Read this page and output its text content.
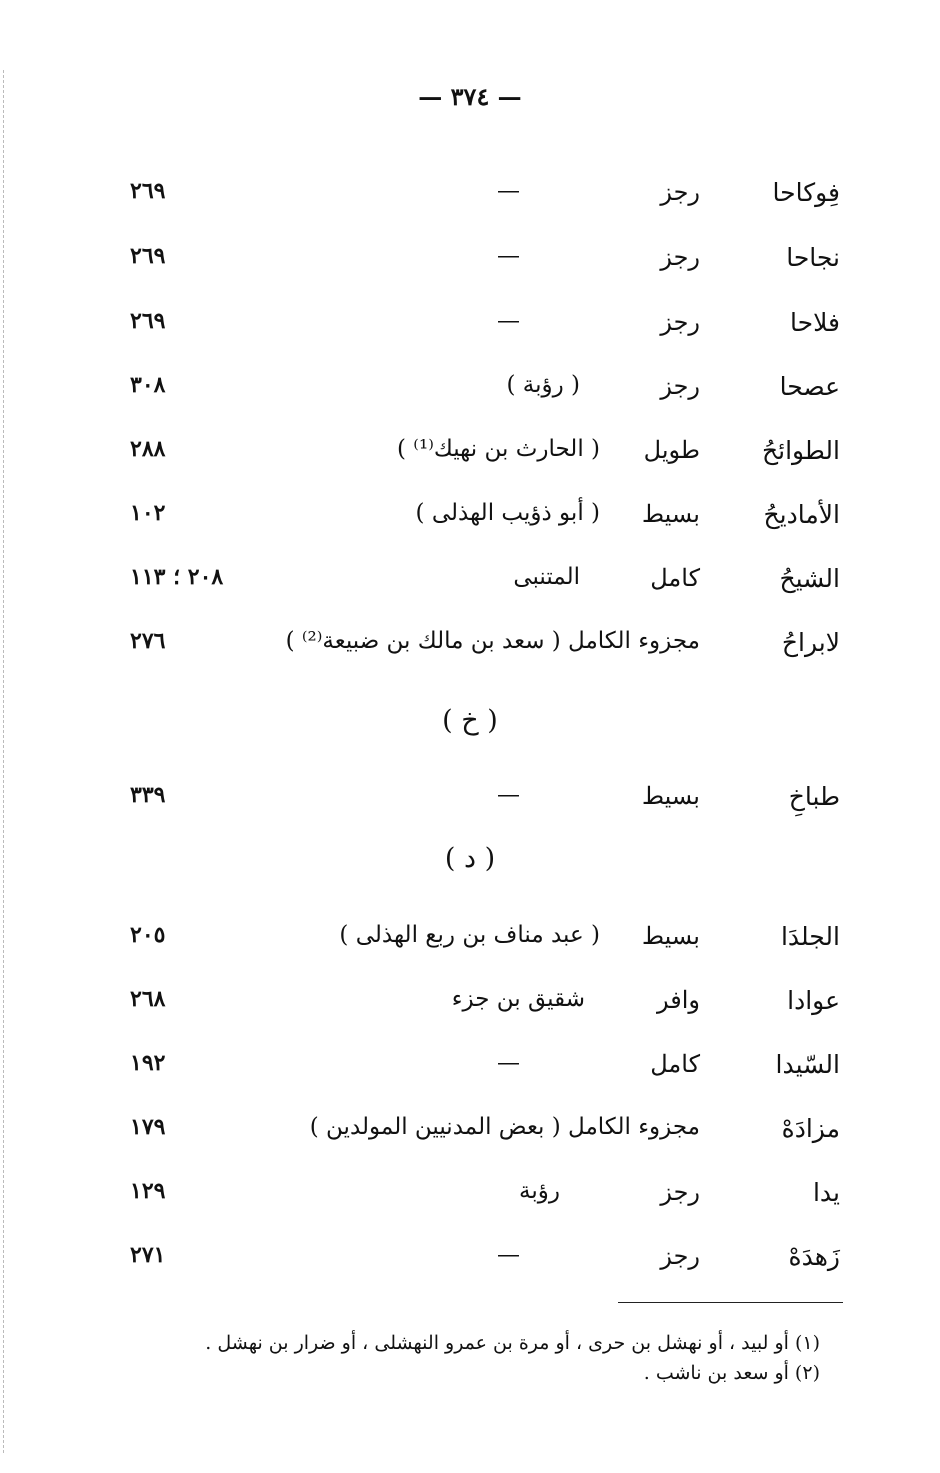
— ٣٧٤ —
فِوكاحا
رجز
—
٢٦٩
نجاحا
رجز
—
٢٦٩
فلاحا
رجز
—
٢٦٩
عصحا
رجز
( رؤبة )
٣٠٨
الطوائحُ
طويل
( الحارث بن نهيك⁽¹⁾ )
٢٨٨
الأماديحُ
بسيط
( أبو ذؤيب الهذلى )
١٠٢
الشيحُ
كامل
المتنبى
٢٠٨ ؛ ١١٣
لابراحُ
مجزوء الكامل ( سعد بن مالك بن ضبيعة⁽²⁾ )
٢٧٦
( خ )
طباخِ
بسيط
—
٣٣٩
( د )
الجلدَا
بسيط
( عبد مناف بن ربع الهذلى )
٢٠٥
عوادا
وافر
شقيق بن جزء
٢٦٨
السّيدا
كامل
—
١٩٢
مزادَهْ
مجزوء الكامل ( بعض المدنيين المولدين )
١٧٩
يدا
رجز
رؤبة
١٢٩
زَهدَهْ
رجز
—
٢٧١
(١) أو لبيد ، أو نهشل بن حرى ، أو مرة بن عمرو النهشلى ، أو ضرار بن نهشل .
(٢) أو سعد بن ناشب .
